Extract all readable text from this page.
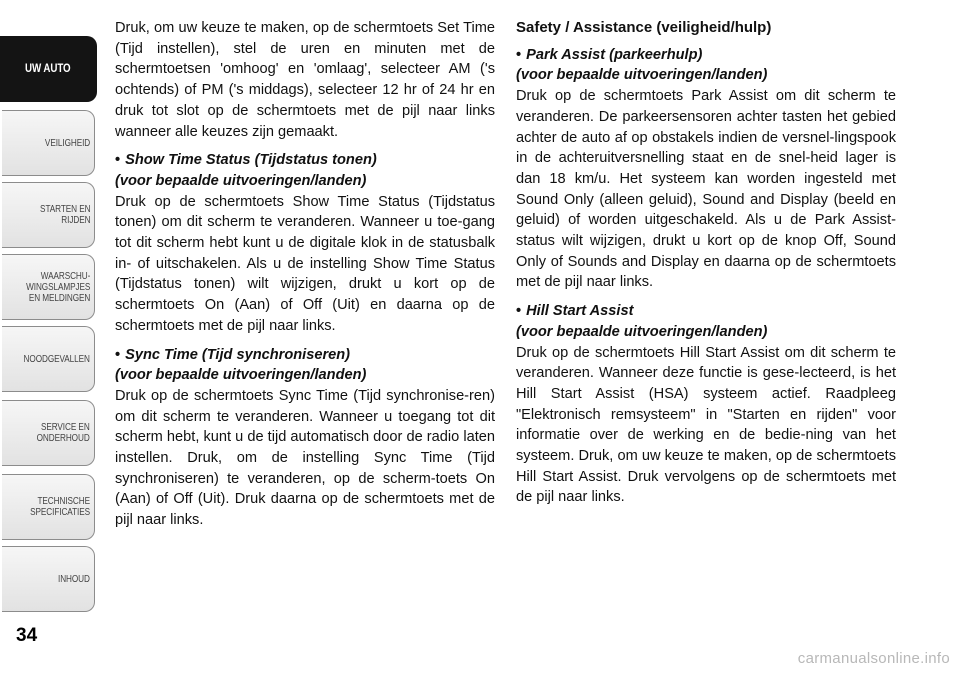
UW AUTO
VEILIGHEID
STARTEN EN
RIJDEN
WAARSCHU-
WINGSLAMPJES
EN MELDINGEN
NOODGEVALLEN
SERVICE EN
ONDERHOUD
TECHNISCHE
SPECIFICATIES
INHOUD
34

Druk, om uw keuze te maken, op de schermtoets Set Time (Tijd instellen), stel de uren en minuten met de schermtoetsen 'omhoog' en 'omlaag', selecteer AM ('s ochtends) of PM ('s middags), selecteer 12 hr of 24 hr en druk tot slot op de schermtoets met de pijl naar links wanneer alle keuzes zijn gemaakt.

• Show Time Status (Tijdstatus tonen)

(voor bepaalde uitvoeringen/landen)

Druk op de schermtoets Show Time Status (Tijdstatus tonen) om dit scherm te veranderen. Wanneer u toe-gang tot dit scherm hebt kunt u de digitale klok in de statusbalk in- of uitschakelen. Als u de instelling Show Time Status (Tijdstatus tonen) wilt wijzigen, drukt u kort op de schermtoets On (Aan) of Off (Uit) en daarna op de schermtoets met de pijl naar links.

• Sync Time (Tijd synchroniseren)

(voor bepaalde uitvoeringen/landen)

Druk op de schermtoets Sync Time (Tijd synchronise-ren) om dit scherm te veranderen. Wanneer u toegang tot dit scherm hebt, kunt u de tijd automatisch door de radio laten instellen. Druk, om de instelling Sync Time (Tijd synchroniseren) te veranderen, op de scherm-toets On (Aan) of Off (Uit). Druk daarna op de schermtoets met de pijl naar links.

Safety / Assistance (veiligheid/hulp)

• Park Assist (parkeerhulp)

(voor bepaalde uitvoeringen/landen)

Druk op de schermtoets Park Assist om dit scherm te veranderen. De parkeersensoren achter tasten het gebied achter de auto af op obstakels indien de versnel-lingspook in de achteruitversnelling staat en de snel-heid lager is dan 18 km/u. Het systeem kan worden ingesteld met Sound Only (alleen geluid), Sound and Display (beeld en geluid) of worden uitgeschakeld. Als u de Park Assist-status wilt wijzigen, drukt u kort op de knop Off, Sound Only of Sounds and Display en daarna op de schermtoets met de pijl naar links.

• Hill Start Assist

(voor bepaalde uitvoeringen/landen)

Druk op de schermtoets Hill Start Assist om dit scherm te veranderen. Wanneer deze functie is gese-lecteerd, is het Hill Start Assist (HSA) systeem actief. Raadpleeg "Elektronisch remsysteem" in "Starten en rijden" voor informatie over de werking en de bedie-ning van het systeem. Druk, om uw keuze te maken, op de schermtoets Hill Start Assist. Druk vervolgens op de schermtoets met de pijl naar links.

carmanualsonline.info
